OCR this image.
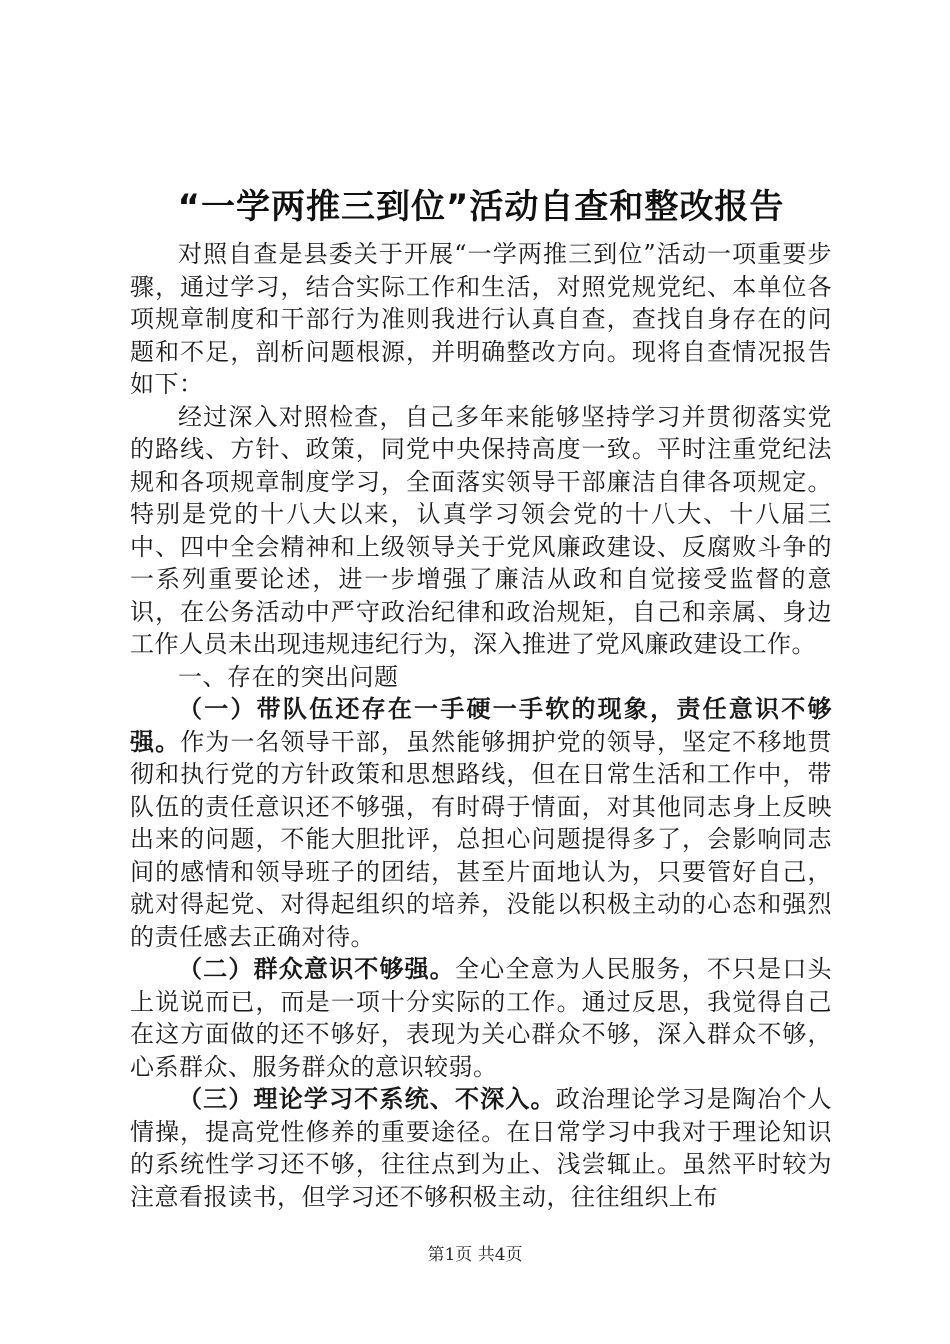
“一学两推三到位”活动自查和整改报告

对照自查是县委关于开展“一学两推三到位”活动一项重要步骤，通过学习，结合实际工作和生活，对照党规党纪、本单位各项规章制度和干部行为准则我进行认真自查，查找自身存在的问题和不足，剖析问题根源，并明确整改方向。现将自查情况报告如下：

经过深入对照检查，自己多年来能够坚持学习并贯彻落实党的路线、方针、政策，同党中央保持高度一致。平时注重党纪法规和各项规章制度学习，全面落实领导干部廉洁自律各项规定。特别是党的十八大以来，认真学习领会党的十八大、十八届三中、四中全会精神和上级领导关于党风廉政建设、反腐败斗争的一系列重要论述，进一步增强了廉洁从政和自觉接受监督的意识，在公务活动中严守政治纪律和政治规矩，自己和亲属、身边工作人员未出现违规违纪行为，深入推进了党风廉政建设工作。

一、存在的突出问题

（一）带队伍还存在一手硬一手软的现象，责任意识不够强。作为一名领导干部，虽然能够拥护党的领导，坚定不移地贯彻和执行党的方针政策和思想路线，但在日常生活和工作中，带队伍的责任意识还不够强，有时碍于情面，对其他同志身上反映出来的问题，不能大胆批评，总担心问题提得多了，会影响同志间的感情和领导班子的团结，甚至片面地认为，只要管好自己，就对得起党、对得起组织的培养，没能以积极主动的心态和强烈的责任感去正确对待。

（二）群众意识不够强。全心全意为人民服务，不只是口头上说说而已，而是一项十分实际的工作。通过反思，我觉得自己在这方面做的还不够好，表现为关心群众不够，深入群众不够，心系群众、服务群众的意识较弱。

（三）理论学习不系统、不深入。政治理论学习是陶冶个人情操，提高党性修养的重要途径。在日常学习中我对于理论知识的系统性学习还不够，往往点到为止、浅尝辄止。虽然平时较为注意看报读书，但学习还不够积极主动，往往组织上布

第1页 共4页
